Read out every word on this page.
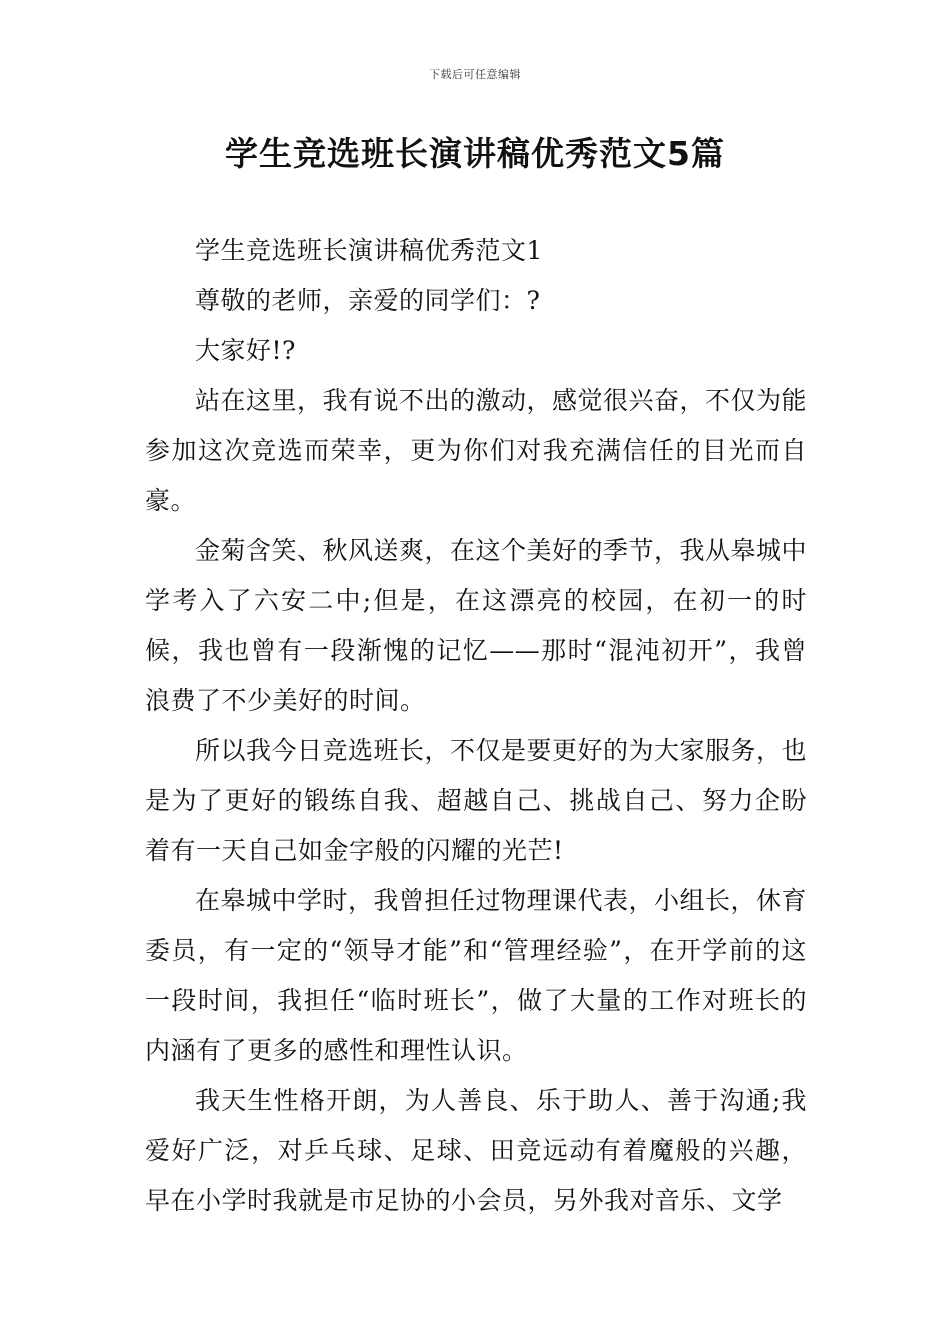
下载后可任意编辑
学生竞选班长演讲稿优秀范文5篇

学生竞选班长演讲稿优秀范文1

尊敬的老师，亲爱的同学们：?

大家好!?

站在这里，我有说不出的激动，感觉很兴奋，不仅为能参加这次竞选而荣幸，更为你们对我充满信任的目光而自豪。

金菊含笑、秋风送爽，在这个美好的季节，我从皋城中学考入了六安二中;但是，在这漂亮的校园，在初一的时候，我也曾有一段渐愧的记忆——那时“混沌初开”，我曾浪费了不少美好的时间。

所以我今日竞选班长，不仅是要更好的为大家服务，也是为了更好的锻练自我、超越自己、挑战自己、努力企盼着有一天自己如金字般的闪耀的光芒!

在皋城中学时，我曾担任过物理课代表，小组长，休育委员，有一定的“领导才能”和“管理经验”，在开学前的这一段时间，我担任“临时班长”，做了大量的工作对班长的内涵有了更多的感性和理性认识。

我天生性格开朗，为人善良、乐于助人、善于沟通;我爱好广泛，对乒乓球、足球、田竞远动有着魔般的兴趣，早在小学时我就是市足协的小会员，另外我对音乐、文学
